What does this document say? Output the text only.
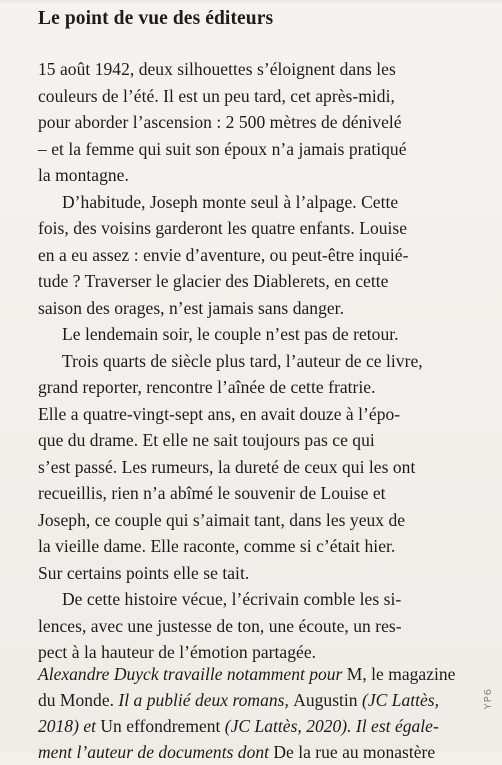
Le point de vue des éditeurs
15 août 1942, deux silhouettes s’éloignent dans les
couleurs de l’été. Il est un peu tard, cet après-midi,
pour aborder l’ascension : 2 500 mètres de dénivelé
– et la femme qui suit son époux n’a jamais pratiqué
la montagne.
D’habitude, Joseph monte seul à l’alpage. Cette
fois, des voisins garderont les quatre enfants. Louise
en a eu assez : envie d’aventure, ou peut-être inquié-
tude ? Traverser le glacier des Diablerets, en cette
saison des orages, n’est jamais sans danger.
Le lendemain soir, le couple n’est pas de retour.
Trois quarts de siècle plus tard, l’auteur de ce livre,
grand reporter, rencontre l’aînée de cette fratrie.
Elle a quatre-vingt-sept ans, en avait douze à l’épo-
que du drame. Et elle ne sait toujours pas ce qui
s’est passé. Les rumeurs, la dureté de ceux qui les ont
recueillis, rien n’a abîmé le souvenir de Louise et
Joseph, ce couple qui s’aimait tant, dans les yeux de
la vieille dame. Elle raconte, comme si c’était hier.
Sur certains points elle se tait.
De cette histoire vécue, l’écrivain comble les si-
lences, avec une justesse de ton, une écoute, un res-
pect à la hauteur de l’émotion partagée.
Alexandre Duyck travaille notamment pour M, le magazine
du Monde. Il a publié deux romans, Augustin (JC Lattès,
2018) et Un effondrement (JC Lattès, 2020). Il est égale-
ment l’auteur de documents dont De la rue au monastère
YP6
